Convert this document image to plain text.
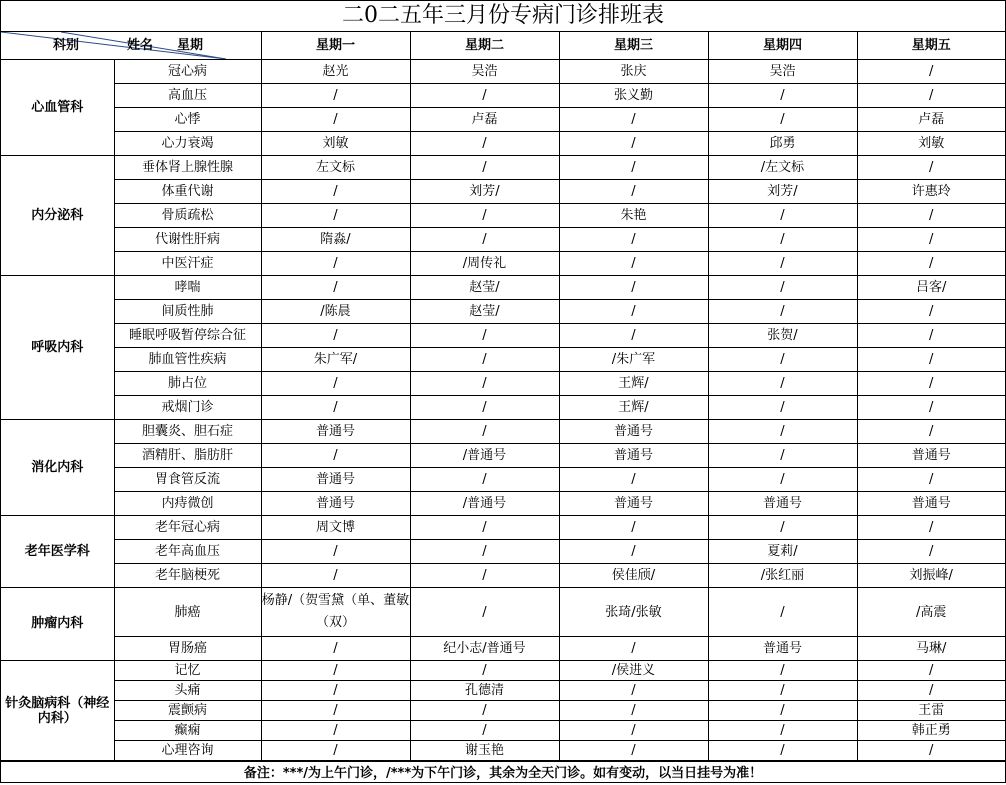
二0二五年三月份专病门诊排班表
科别 姓名 星期		星期一	星期二	星期三	星期四	星期五
心血管科	冠心病	赵光	吴浩	张庆	吴浩	/
	高血压	/	/	张义勤	/	/
	心悸	/	卢磊	/	/	卢磊
	心力衰竭	刘敏	/	/	邱勇	刘敏
内分泌科	垂体肾上腺性腺	左文标	/	/	/左文标	/
	体重代谢	/	刘芳/	/	刘芳/	许惠玲
	骨质疏松	/	/	朱艳	/	/
	代谢性肝病	隋淼/	/	/	/	/
	中医汗症	/	/周传礼	/	/	/
呼吸内科	哮喘	/	赵莹/	/	/	吕客/
	间质性肺	/陈晨	赵莹/	/	/	/
	睡眠呼吸暂停综合征	/	/	/	张贺/	/
	肺血管性疾病	朱广军/	/	/朱广军	/	/
	肺占位	/	/	王辉/	/	/
	戒烟门诊	/	/	王辉/	/	/
消化内科	胆囊炎、胆石症	普通号	/	普通号	/	/
	酒精肝、脂肪肝	/	/普通号	普通号	/	普通号
	胃食管反流	普通号	/	/	/	/
	内痔微创	普通号	/普通号	普通号	普通号	普通号
老年医学科	老年冠心病	周文博	/	/	/	/
	老年高血压	/	/	/	夏莉/	/
	老年脑梗死	/	/	侯佳颀/	/张红丽	刘振峰/
肿瘤内科	肺癌	杨静/（贺雪黛（单、董敏（双）	/	张琦/张敏	/	/高震
	胃肠癌	/	纪小志/普通号	/	普通号	马琳/
针灸脑病科（神经内科）	记忆	/	/	/侯进义	/	/
	头痛	/	孔德清	/	/	/
	震颤病	/	/	/	/	王雷
	癫痫	/	/	/	/	韩正勇
	心理咨询	/	谢玉艳	/	/	/
备注：***/为上午门诊，/***为下午门诊，其余为全天门诊。如有变动，以当日挂号为准！
